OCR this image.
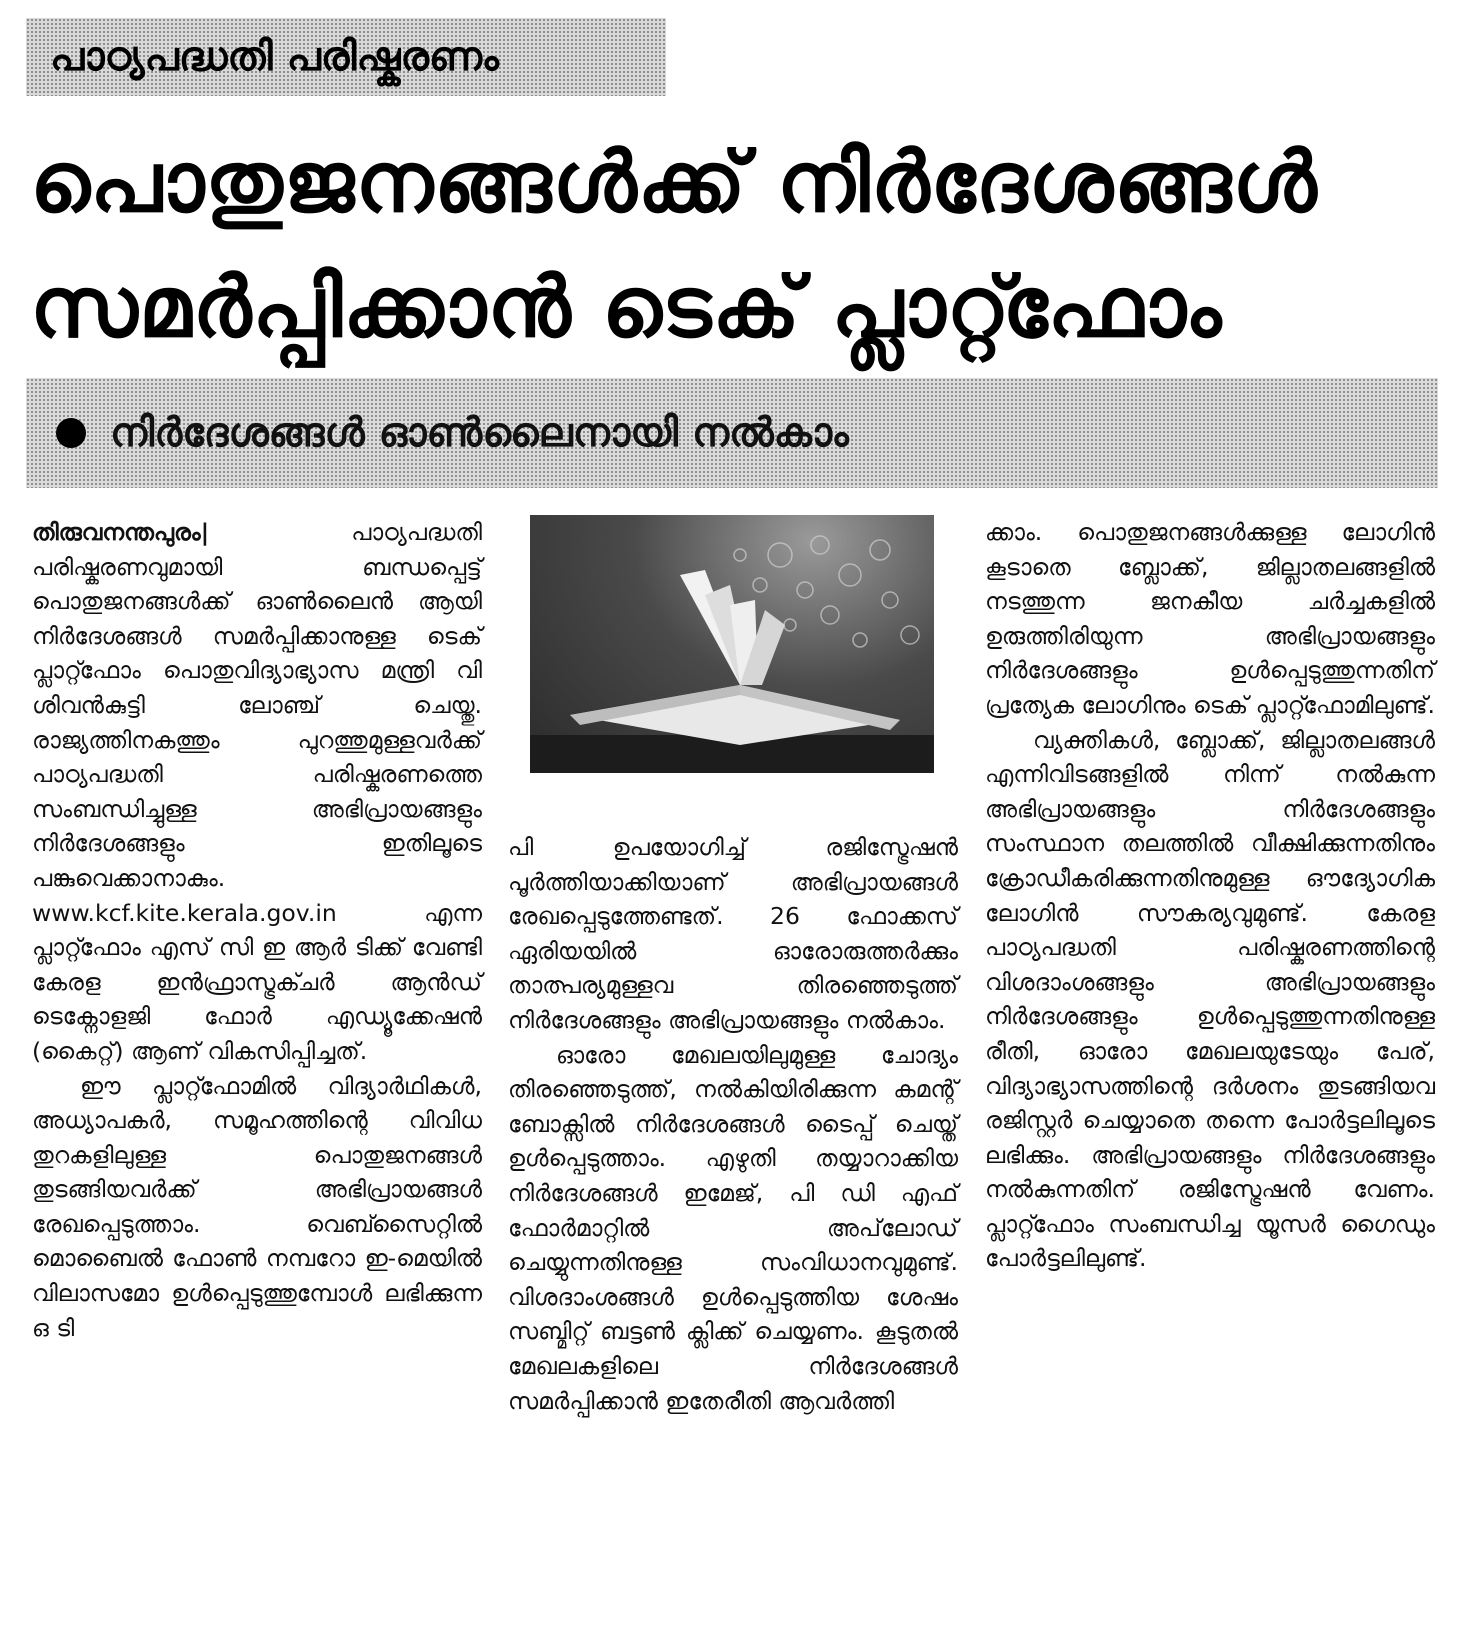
പാഠ്യപദ്ധതി പരിഷ്കരണം
പൊതുജനങ്ങൾക്ക് നിർദേശങ്ങൾ
സമർപ്പിക്കാൻ ടെക് പ്ലാറ്റ്ഫോം
നിർദേശങ്ങൾ ഓൺലൈനായി നൽകാം

തിരുവനന്തപുരം|	പാഠ്യപദ്ധതി പരിഷ്കരണവുമായി ബന്ധപ്പെട്ട് പൊതുജനങ്ങൾക്ക് ഓൺലൈൻ ആയി നിർദേശങ്ങൾ സമർപ്പിക്കാനുള്ള ടെക് പ്ലാറ്റ്ഫോം പൊതുവിദ്യാഭ്യാസ മന്ത്രി വി ശിവൻകുട്ടി ലോഞ്ച് ചെയ്തു. രാജ്യത്തിനകത്തും പുറത്തുമുള്ളവർക്ക് പാഠ്യപദ്ധതി പരിഷ്കരണത്തെ സംബന്ധിച്ചുള്ള അഭിപ്രായങ്ങളും നിർദേശങ്ങളും ഇതിലൂടെ പങ്കുവെക്കാനാകും. www.kcf.kite.kerala.gov.in എന്ന പ്ലാറ്റ്ഫോം എസ് സി ഇ ആർ ടിക്ക് വേണ്ടി കേരള ഇൻഫ്രാസ്ട്രക്ചർ ആൻഡ് ടെക്നോളജി ഫോർ എഡ്യൂക്കേഷൻ (കൈറ്റ്) ആണ് വികസിപ്പിച്ചത്.

ഈ പ്ലാറ്റ്ഫോമിൽ വിദ്യാർഥികൾ, അധ്യാപകർ, സമൂഹത്തിന്റെ വിവിധ തുറകളിലുള്ള പൊതുജനങ്ങൾ തുടങ്ങിയവർക്ക് അഭിപ്രായങ്ങൾ രേഖപ്പെടുത്താം. വെബ്സൈറ്റിൽ മൊബൈൽ ഫോൺ നമ്പറോ ഇ-മെയിൽ വിലാസമോ ഉൾപ്പെടുത്തുമ്പോൾ ലഭിക്കുന്ന ഒ ടി

പി ഉപയോഗിച്ച് രജിസ്ട്രേഷൻ പൂർത്തിയാക്കിയാണ് അഭിപ്രായങ്ങൾ രേഖപ്പെടുത്തേണ്ടത്. 26 ഫോക്കസ് ഏരിയയിൽ ഓരോരുത്തർക്കും താത്പര്യമുള്ളവ തിരഞ്ഞെടുത്ത് നിർദേശങ്ങളും അഭിപ്രായങ്ങളും നൽകാം.

ഓരോ മേഖലയിലുമുള്ള ചോദ്യം തിരഞ്ഞെടുത്ത്, നൽകിയിരിക്കുന്ന കമന്റ് ബോക്സിൽ നിർദേശങ്ങൾ ടൈപ്പ് ചെയ്ത് ഉൾപ്പെടുത്താം. എഴുതി തയ്യാറാക്കിയ നിർദേശങ്ങൾ ഇമേജ്, പി ഡി എഫ് ഫോർമാറ്റിൽ അപ്‌ലോഡ് ചെയ്യുന്നതിനുള്ള സംവിധാനവുമുണ്ട്. വിശദാംശങ്ങൾ ഉൾപ്പെടുത്തിയ ശേഷം സബ്മിറ്റ് ബട്ടൺ ക്ലിക്ക് ചെയ്യണം. കൂടുതൽ മേഖലകളിലെ നിർദേശങ്ങൾ സമർപ്പിക്കാൻ ഇതേരീതി ആവർത്തി

ക്കാം. പൊതുജനങ്ങൾക്കുള്ള ലോഗിൻ കൂടാതെ ബ്ലോക്ക്, ജില്ലാതലങ്ങളിൽ നടത്തുന്ന ജനകീയ ചർച്ചകളിൽ ഉരുത്തിരിയുന്ന അഭിപ്രായങ്ങളും നിർദേശങ്ങളും ഉൾപ്പെടുത്തുന്നതിന് പ്രത്യേക ലോഗിനും ടെക് പ്ലാറ്റ്ഫോമിലുണ്ട്.

വ്യക്തികൾ, ബ്ലോക്ക്, ജില്ലാതലങ്ങൾ എന്നിവിടങ്ങളിൽ നിന്ന് നൽകുന്ന അഭിപ്രായങ്ങളും നിർദേശങ്ങളും സംസ്ഥാന തലത്തിൽ വീക്ഷിക്കുന്നതിനും ക്രോഡീകരിക്കുന്നതിനുമുള്ള ഔദ്യോഗിക ലോഗിൻ സൗകര്യവുമുണ്ട്. കേരള പാഠ്യപദ്ധതി പരിഷ്കരണത്തിന്റെ വിശദാംശങ്ങളും അഭിപ്രായങ്ങളും നിർദേശങ്ങളും ഉൾപ്പെടുത്തുന്നതിനുള്ള രീതി, ഓരോ മേഖലയുടേയും പേര്, വിദ്യാഭ്യാസത്തിന്റെ ദർശനം തുടങ്ങിയവ രജിസ്റ്റർ ചെയ്യാതെ തന്നെ പോർട്ടലിലൂടെ ലഭിക്കും. അഭിപ്രായങ്ങളും നിർദേശങ്ങളും നൽകുന്നതിന് രജിസ്ട്രേഷൻ വേണം. പ്ലാറ്റ്ഫോം സംബന്ധിച്ച യൂസർ ഗൈഡും പോർട്ടലിലുണ്ട്.
